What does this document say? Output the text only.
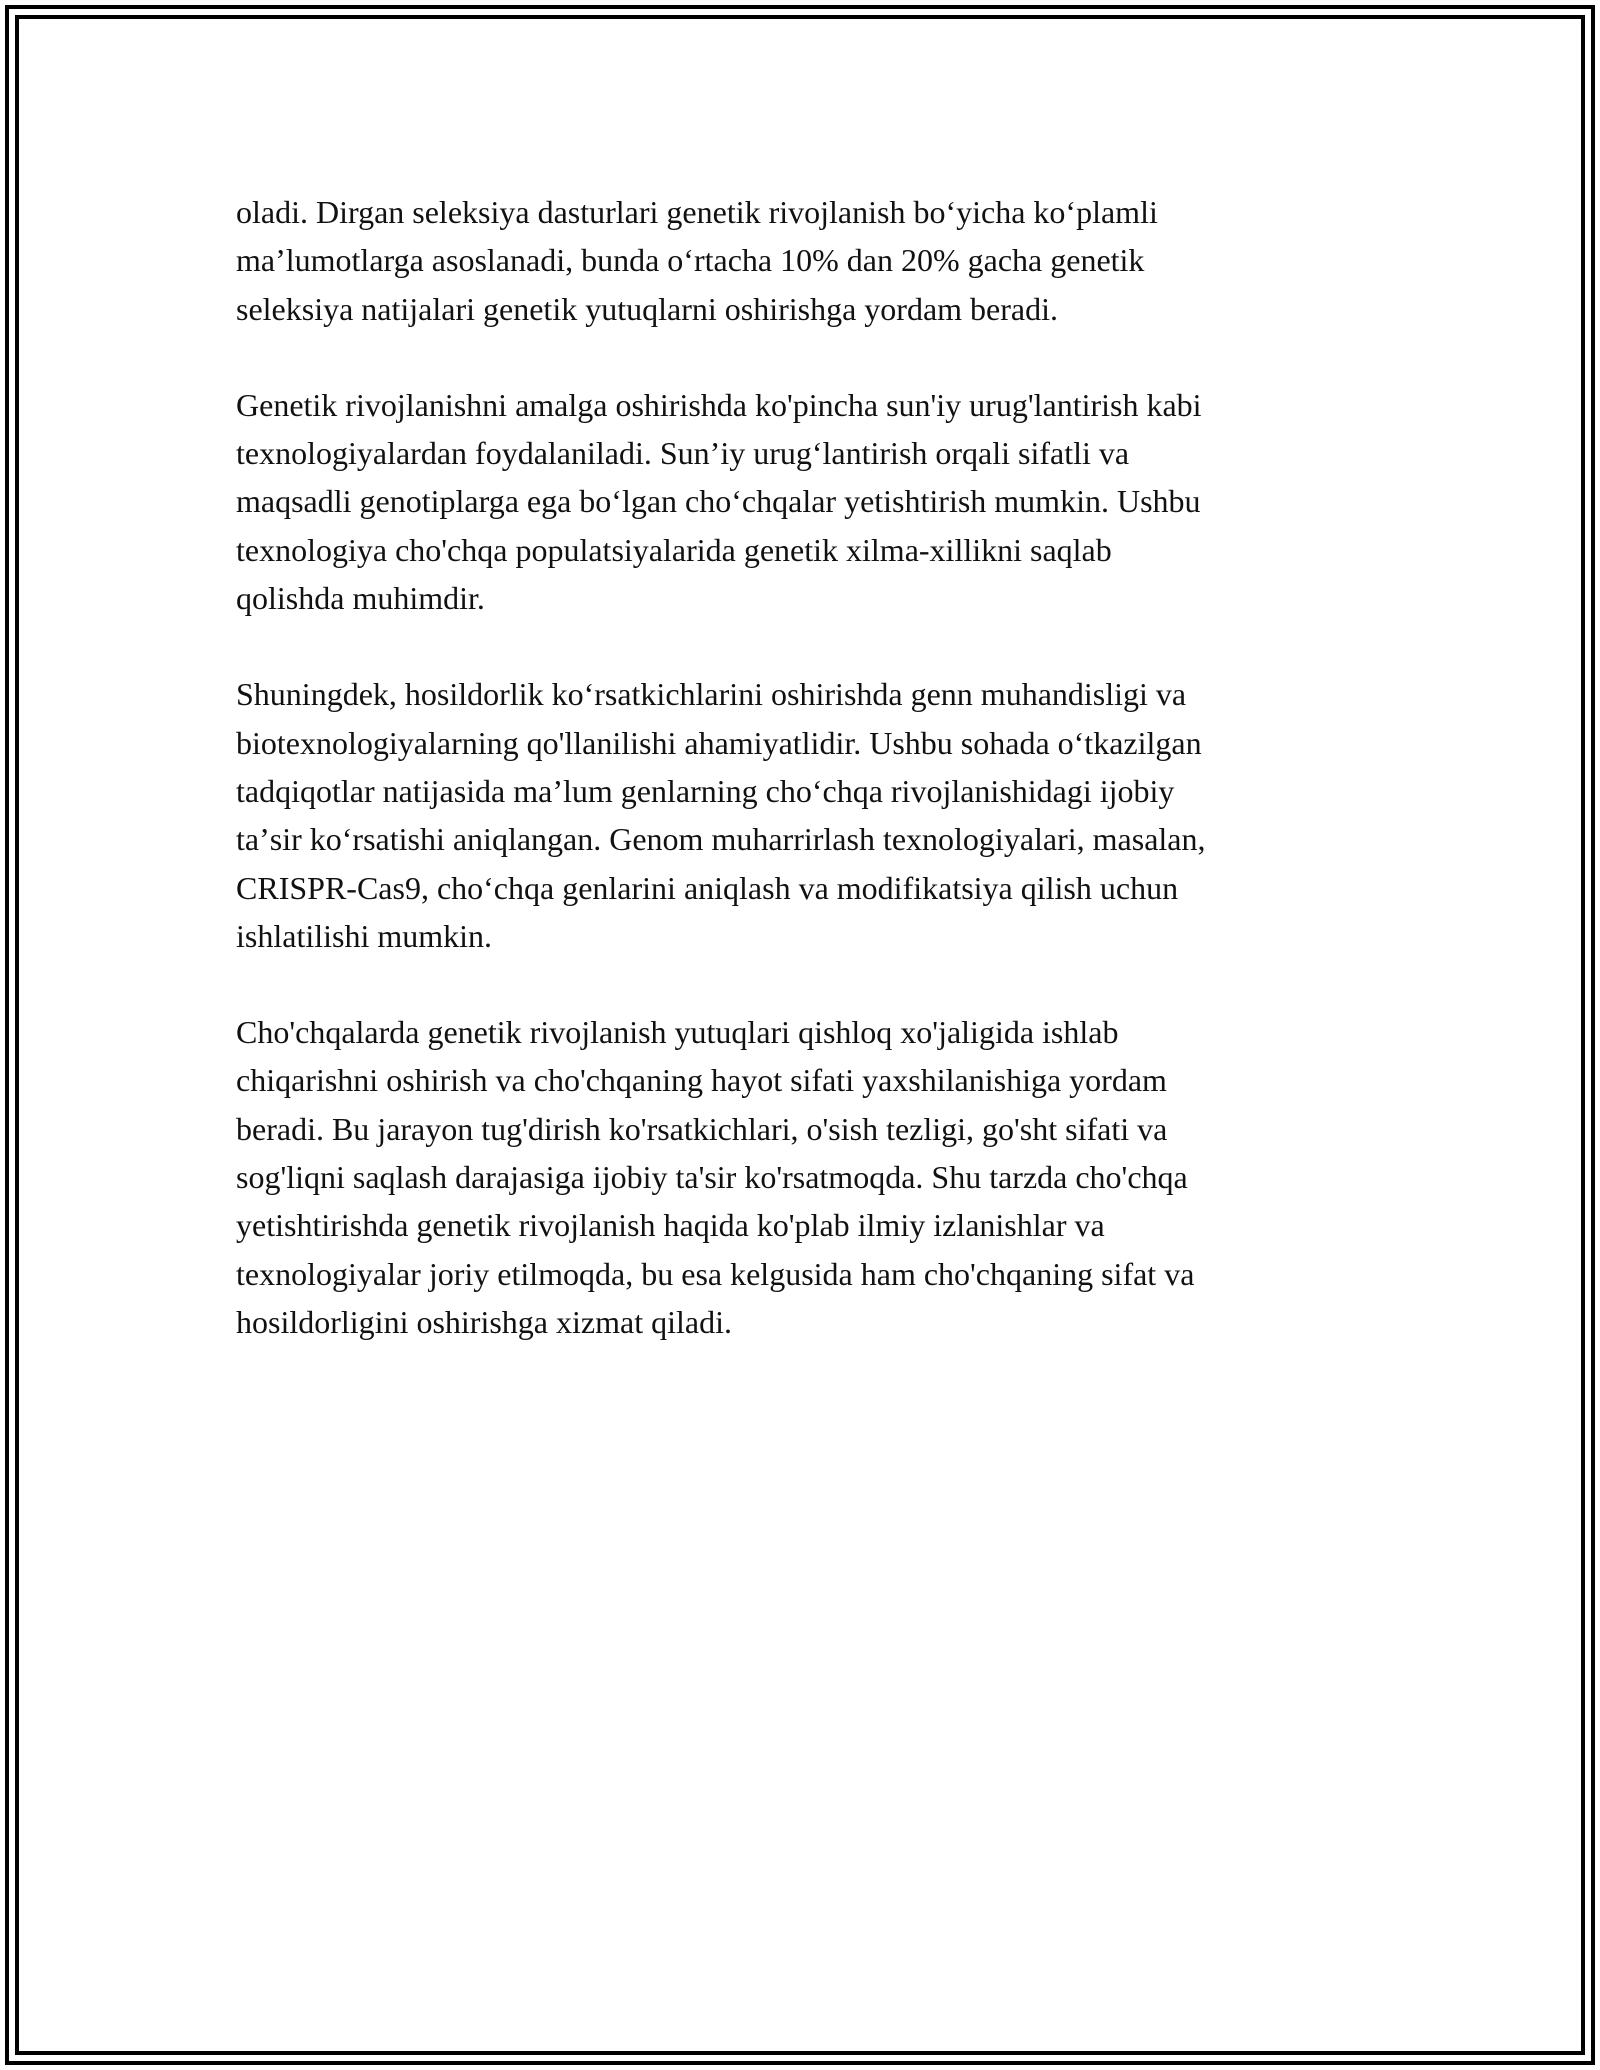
oladi. Dirgan seleksiya dasturlari genetik rivojlanish boʻyicha koʻplamli
maʼlumotlarga asoslanadi, bunda oʻrtacha 10% dan 20% gacha genetik
seleksiya natijalari genetik yutuqlarni oshirishga yordam beradi.

Genetik rivojlanishni amalga oshirishda ko'pincha sun'iy urug'lantirish kabi
texnologiyalardan foydalaniladi. Sunʼiy urugʻlantirish orqali sifatli va
maqsadli genotiplarga ega boʻlgan choʻchqalar yetishtirish mumkin. Ushbu
texnologiya cho'chqa populatsiyalarida genetik xilma-xillikni saqlab
qolishda muhimdir.

Shuningdek, hosildorlik koʻrsatkichlarini oshirishda genn muhandisligi va
biotexnologiyalarning qo'llanilishi ahamiyatlidir. Ushbu sohada oʻtkazilgan
tadqiqotlar natijasida maʼlum genlarning choʻchqa rivojlanishidagi ijobiy
taʼsir koʻrsatishi aniqlangan. Genom muharrirlash texnologiyalari, masalan,
CRISPR-Cas9, choʻchqa genlarini aniqlash va modifikatsiya qilish uchun
ishlatilishi mumkin.

Cho'chqalarda genetik rivojlanish yutuqlari qishloq xo'jaligida ishlab
chiqarishni oshirish va cho'chqaning hayot sifati yaxshilanishiga yordam
beradi. Bu jarayon tug'dirish ko'rsatkichlari, o'sish tezligi, go'sht sifati va
sog'liqni saqlash darajasiga ijobiy ta'sir ko'rsatmoqda. Shu tarzda cho'chqa
yetishtirishda genetik rivojlanish haqida ko'plab ilmiy izlanishlar va
texnologiyalar joriy etilmoqda, bu esa kelgusida ham cho'chqaning sifat va
hosildorligini oshirishga xizmat qiladi.
